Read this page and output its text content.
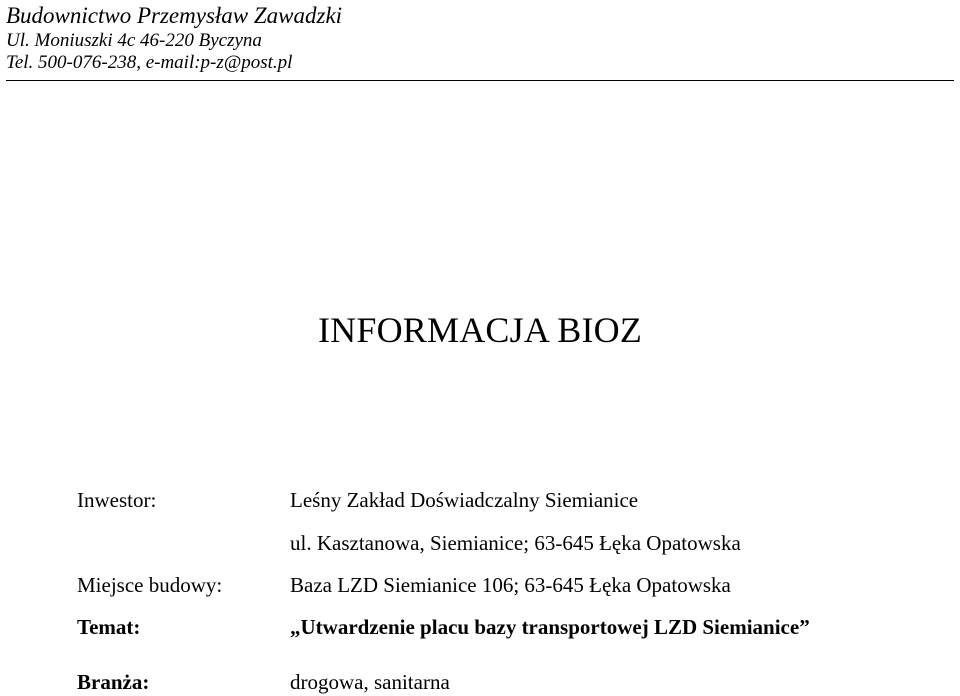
Budownictwo Przemysław Zawadzki

Ul. Moniuszki 4c 46-220 Byczyna

Tel. 500-076-238, e-mail:p-z@post.pl

INFORMACJA BIOZ

Inwestor:	Leśny Zakład Doświadczalny Siemianice

ul. Kasztanowa, Siemianice; 63-645 Łęka Opatowska

Miejsce budowy:	Baza LZD Siemianice 106; 63-645 Łęka Opatowska

Temat:	„Utwardzenie placu bazy transportowej LZD Siemianice”

Branża:	drogowa, sanitarna
